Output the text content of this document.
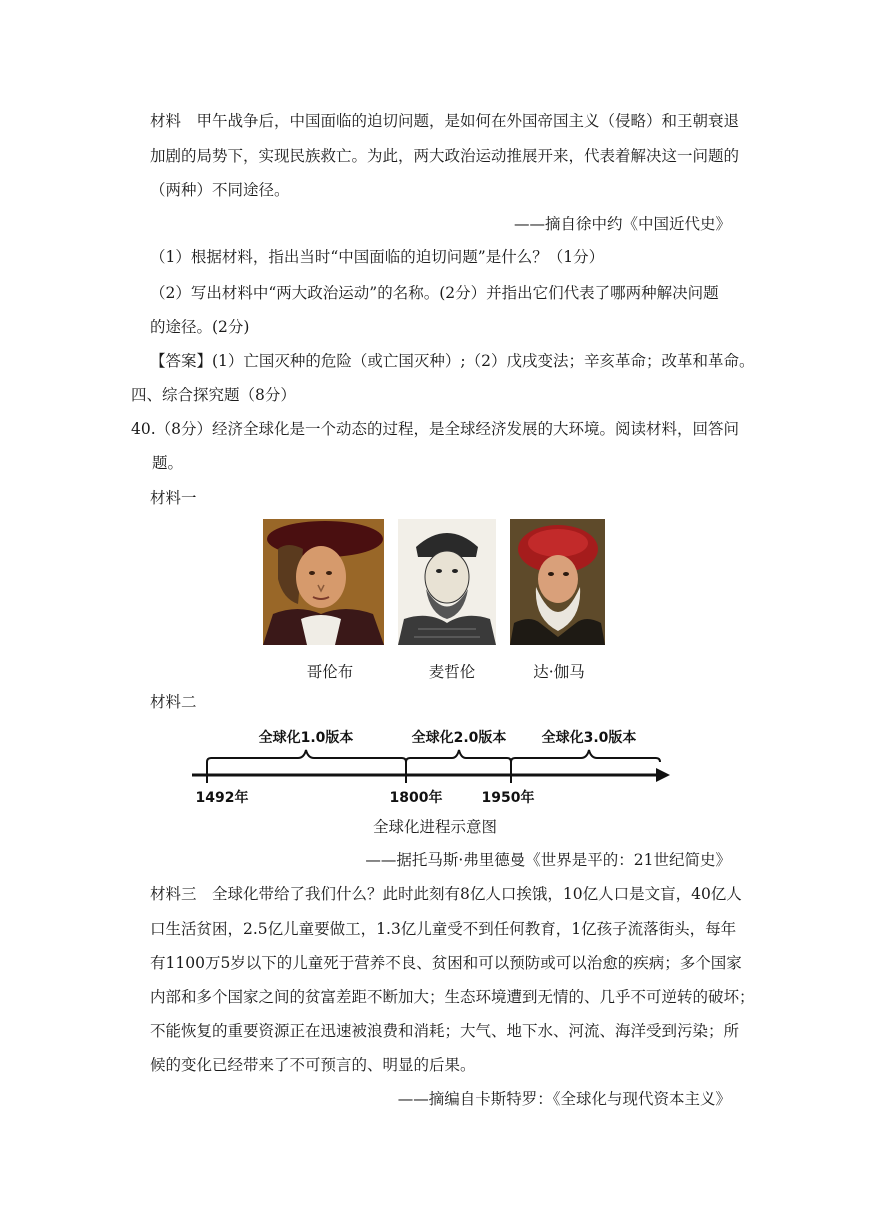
材料　甲午战争后，中国面临的迫切问题，是如何在外国帝国主义（侵略）和王朝衰退
加剧的局势下，实现民族救亡。为此，两大政治运动推展开来，代表着解决这一问题的
（两种）不同途径。
——摘自徐中约《中国近代史》
（1）根据材料，指出当时“中国面临的迫切问题”是什么？（1分）
（2）写出材料中“两大政治运动”的名称。(2分）并指出它们代表了哪两种解决问题
的途径。(2分)
【答案】(1）亡国灭种的危险（或亡国灭种）;（2）戊戌变法；辛亥革命；改革和革命。
四、综合探究题（8分）
40.（8分）经济全球化是一个动态的过程，是全球经济发展的大环境。阅读材料，回答问
题。
材料一
哥伦布	麦哲伦	达·伽马
材料二
全球化1.0版本	全球化2.0版本	全球化3.0版本
1492年	1800年	1950年
全球化进程示意图
——据托马斯·弗里德曼《世界是平的：21世纪简史》
材料三　全球化带给了我们什么？此时此刻有8亿人口挨饿，10亿人口是文盲，40亿人
口生活贫困，2.5亿儿童要做工，1.3亿儿童受不到任何教育，1亿孩子流落街头，每年
有1100万5岁以下的儿童死于营养不良、贫困和可以预防或可以治愈的疾病；多个国家
内部和多个国家之间的贫富差距不断加大；生态环境遭到无情的、几乎不可逆转的破坏；
不能恢复的重要资源正在迅速被浪费和消耗；大气、地下水、河流、海洋受到污染；所
候的变化已经带来了不可预言的、明显的后果。
——摘编自卡斯特罗：《全球化与现代资本主义》
